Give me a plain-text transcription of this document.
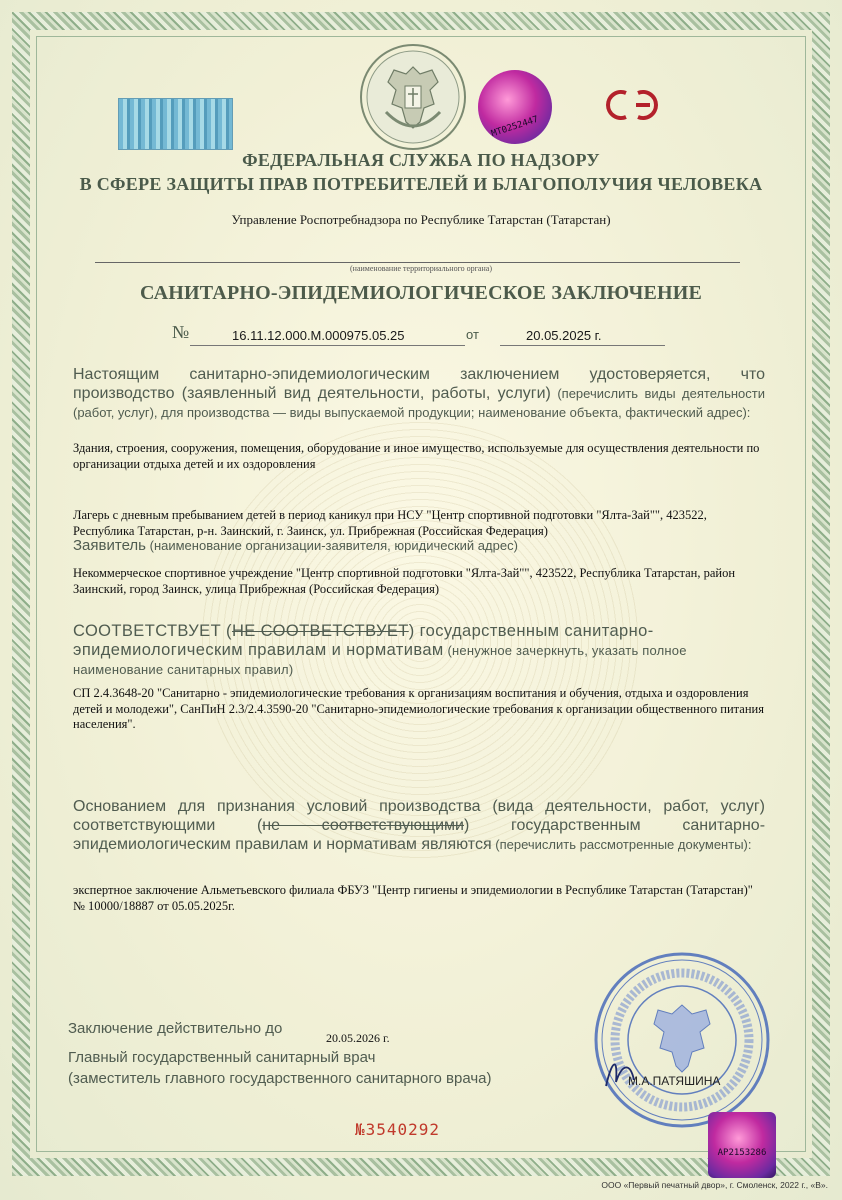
MT0252447
ФЕДЕРАЛЬНАЯ СЛУЖБА ПО НАДЗОРУ
В СФЕРЕ ЗАЩИТЫ ПРАВ ПОТРЕБИТЕЛЕЙ И БЛАГОПОЛУЧИЯ ЧЕЛОВЕКА
Управление Роспотребнадзора по Республике Татарстан (Татарстан)
(наименование территориального органа)
САНИТАРНО-ЭПИДЕМИОЛОГИЧЕСКОЕ ЗАКЛЮЧЕНИЕ
№	16.11.12.000.М.000975.05.25	от	20.05.2025 г.
Настоящим санитарно-эпидемиологическим заключением удостоверяется, что производство (заявленный вид деятельности, работы, услуги) (перечислить виды деятельности (работ, услуг), для производства — виды выпускаемой продукции; наименование объекта, фактический адрес):
Здания, строения, сооружения, помещения, оборудование и иное имущество, используемые для осуществления деятельности по организации отдыха детей и их оздоровления
Лагерь с дневным пребыванием детей в период каникул при НСУ "Центр спортивной подготовки "Ялта-Зай"", 423522, Республика Татарстан, р-н. Заинский, г. Заинск, ул. Прибрежная (Российская Федерация)
Заявитель (наименование организации-заявителя, юридический адрес)
Некоммерческое спортивное учреждение "Центр спортивной подготовки "Ялта-Зай"", 423522, Республика Татарстан, район Заинский, город Заинск, улица Прибрежная (Российская Федерация)
СООТВЕТСТВУЕТ (НЕ СООТВЕТСТВУЕТ) государственным санитарно-эпидемиологическим правилам и нормативам (ненужное зачеркнуть, указать полное наименование санитарных правил)
СП 2.4.3648-20 "Санитарно - эпидемиологические требования к организациям воспитания и обучения, отдыха и оздоровления детей и молодежи", СанПиН 2.3/2.4.3590-20 "Санитарно-эпидемиологические требования к организации общественного питания населения".
Основанием для признания условий производства (вида деятельности, работ, услуг) соответствующими (не соответствующими) государственным санитарно-эпидемиологическим правилам и нормативам являются (перечислить рассмотренные документы):
экспертное заключение Альметьевского филиала ФБУЗ "Центр гигиены и эпидемиологии в Республике Татарстан (Татарстан)" № 10000/18887 от 05.05.2025г.
Заключение действительно до
20.05.2026 г.
Главный государственный санитарный врач
(заместитель главного государственного санитарного врача)	М.А.ПАТЯШИНА
№3540292
AP2153286
ООО «Первый печатный двор», г. Смоленск, 2022 г., «В».
